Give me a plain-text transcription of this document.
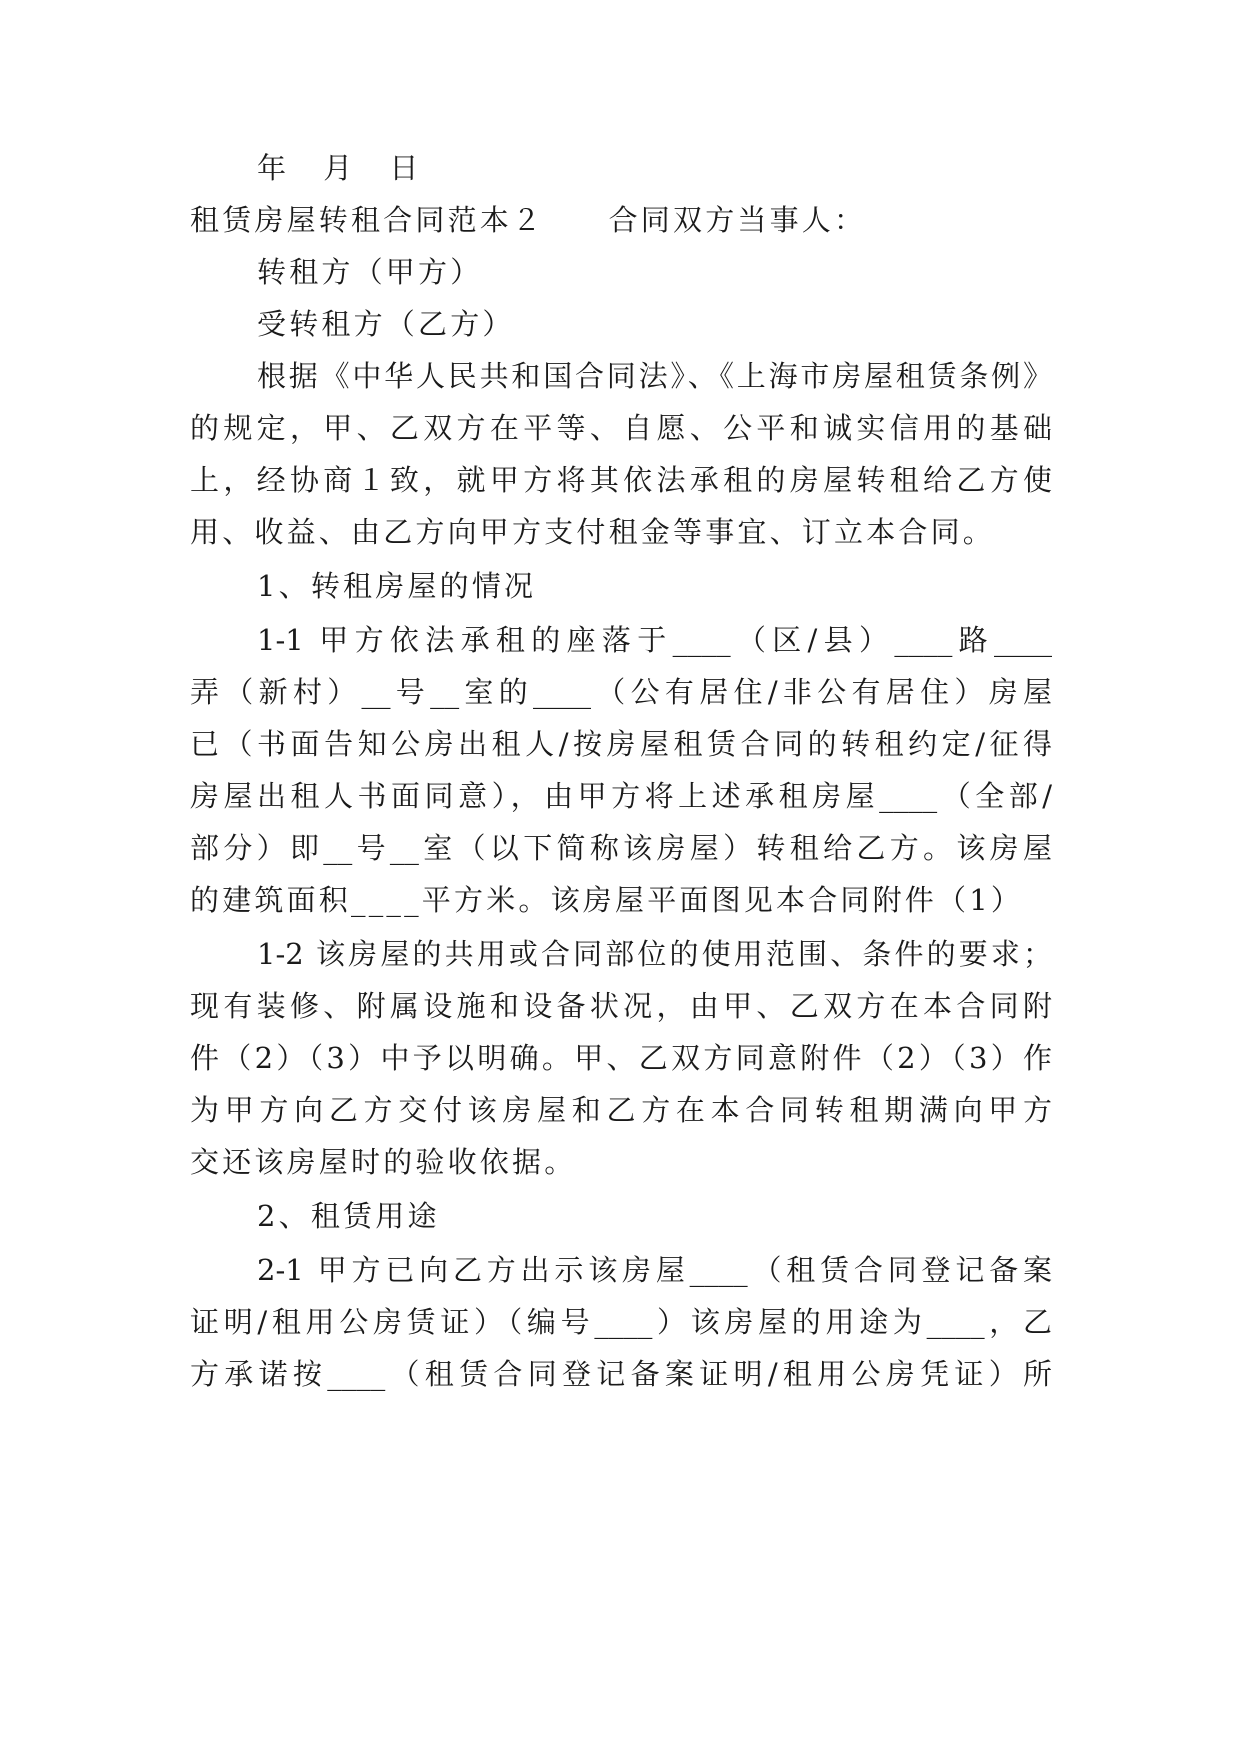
年 月 日
租赁房屋转租合同范本２　　合同双方当事人：
转租方（甲方）
受转租方（乙方）
根据《中华人民共和国合同法》、《上海市房屋租赁条例》
的规定，甲、乙双方在平等、自愿、公平和诚实信用的基础
上，经协商１致，就甲方将其依法承租的房屋转租给乙方使
用、收益、由乙方向甲方支付租金等事宜、订立本合同。
1、转租房屋的情况
1-1 甲方依法承租的座落于____（区/县）____路____
弄（新村）__号__室的____（公有居住/非公有居住）房屋
已（书面告知公房出租人/按房屋租赁合同的转租约定/征得
房屋出租人书面同意），由甲方将上述承租房屋____（全部/
部分）即__号__室（以下简称该房屋）转租给乙方。该房屋
的建筑面积____平方米。该房屋平面图见本合同附件（1）
1-2 该房屋的共用或合同部位的使用范围、条件的要求；
现有装修、附属设施和设备状况，由甲、乙双方在本合同附
件（2）（3）中予以明确。甲、乙双方同意附件（2）（3）作
为甲方向乙方交付该房屋和乙方在本合同转租期满向甲方
交还该房屋时的验收依据。
2、租赁用途
2-1 甲方已向乙方出示该房屋____（租赁合同登记备案
证明/租用公房赁证）（编号____）该房屋的用途为____，乙
方承诺按____（租赁合同登记备案证明/租用公房凭证）所
